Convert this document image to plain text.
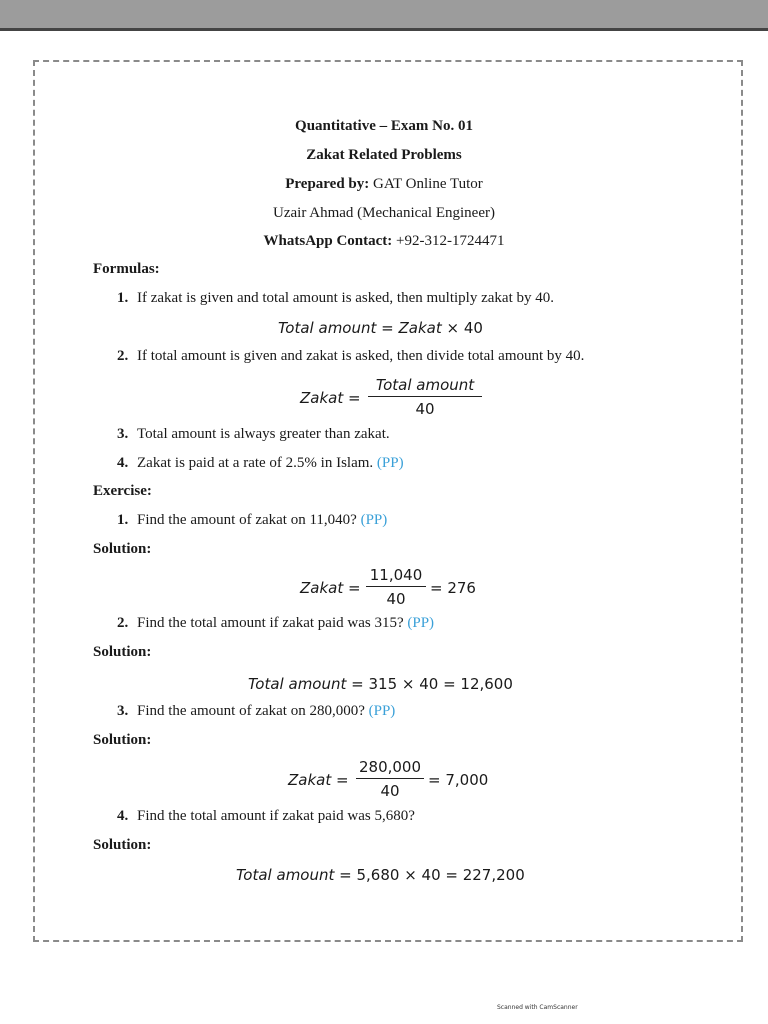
Quantitative – Exam No. 01
Zakat Related Problems
Prepared by: GAT Online Tutor
Uzair Ahmad (Mechanical Engineer)
WhatsApp Contact: +92-312-1724471
Formulas:
1. If zakat is given and total amount is asked, then multiply zakat by 40.
Total amount = Zakat × 40
2. If total amount is given and zakat is asked, then divide total amount by 40.
Zakat =
Total amount
40
3. Total amount is always greater than zakat.
4. Zakat is paid at a rate of 2.5% in Islam. (PP)
Exercise:
1. Find the amount of zakat on 11,040? (PP)
Solution:
Zakat = $\frac{11,040}{40} = 276$
2. Find the total amount if zakat paid was 315? (PP)
Solution:
Total amount = 315 × 40 = 12,600
3. Find the amount of zakat on 280,000? (PP)
Solution:
Zakat = $\frac{280,000}{40} = 7,000$
4. Find the total amount if zakat paid was 5,680?
Solution:
Total amount = 5,680 × 40 = 227,200
Scanned with CamScanner
